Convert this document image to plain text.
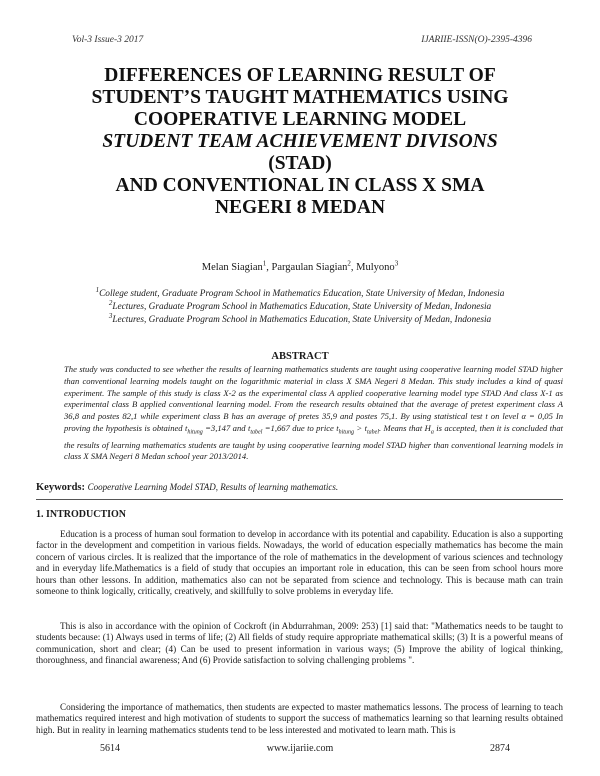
Vol-3 Issue-3 2017	IJARIIE-ISSN(O)-2395-4396
DIFFERENCES OF LEARNING RESULT OF
STUDENT’S TAUGHT MATHEMATICS USING
COOPERATIVE LEARNING MODEL
STUDENT TEAM ACHIEVEMENT DIVISONS
(STAD)
AND CONVENTIONAL IN CLASS X SMA
NEGERI 8 MEDAN
Melan Siagian$^1$, Pargaulan Siagian$^2$, Mulyono$^3$
$^1$College student, Graduate Program School in Mathematics Education, State University of Medan, Indonesia
$^2$Lectures, Graduate Program School in Mathematics Education, State University of Medan, Indonesia
$^3$Lectures, Graduate Program School in Mathematics Education, State University of Medan, Indonesia
ABSTRACT

The study was conducted to see whether the results of learning mathematics students are taught using cooperative learning model STAD higher than conventional learning models taught on the logarithmic material in class X SMA Negeri 8 Medan. This study includes a kind of quasi experiment. The sample of this study is class X-2 as the experimental class A applied cooperative learning model type STAD And class X-1 as experimental class B applied conventional learning model. From the research results obtained that the average of pretest experiment class A 36,8 and postes 82,1 while experiment class B has an average of pretes 35,9 and postes 75,1. By using statistical test t on level α = 0,05 In proving the hypothesis is obtained $t_{hitung} =3,147$ and $t_{tabel} =1,667$ due to price $t_{hitung} > t_{tabel}$. Means that $H_a$ is accepted, then it is concluded that the results of learning mathematics students are taught by using cooperative learning model STAD higher than conventional learning models in class X SMA Negeri 8 Medan school year 2013/2014.

Keywords: Cooperative Learning Model STAD, Results of learning mathematics.
1. INTRODUCTION

Education is a process of human soul formation to develop in accordance with its potential and capability. Education is also a supporting factor in the development and competition in various fields. Nowadays, the world of education especially mathematics has become the main concern of various circles. It is realized that the importance of the role of mathematics in the development of various sciences and technology and in everyday life.Mathematics is a field of study that occupies an important role in education, this can be seen from school hours more hours than other lessons. In addition, mathematics also can not be separated from science and technology. This is because math can train someone to think logically, critically, creatively, and skillfully to solve problems in everyday life.

This is also in accordance with the opinion of Cockroft (in Abdurrahman, 2009: 253) [1] said that: "Mathematics needs to be taught to students because: (1) Always used in terms of life; (2) All fields of study require appropriate mathematical skills; (3) It is a powerful means of communication, short and clear; (4) Can be used to present information in various ways; (5) Improve the ability of logical thinking, thoroughness, and financial awareness; And (6) Provide satisfaction to solving challenging problems ".

Considering the importance of mathematics, then students are expected to master mathematics lessons. The process of learning to teach mathematics required interest and high motivation of students to support the success of mathematics learning so that learning results obtained high. But in reality in learning mathematics students tend to be less interested and motivated to learn math. This is

5614	www.ijariie.com	2874
